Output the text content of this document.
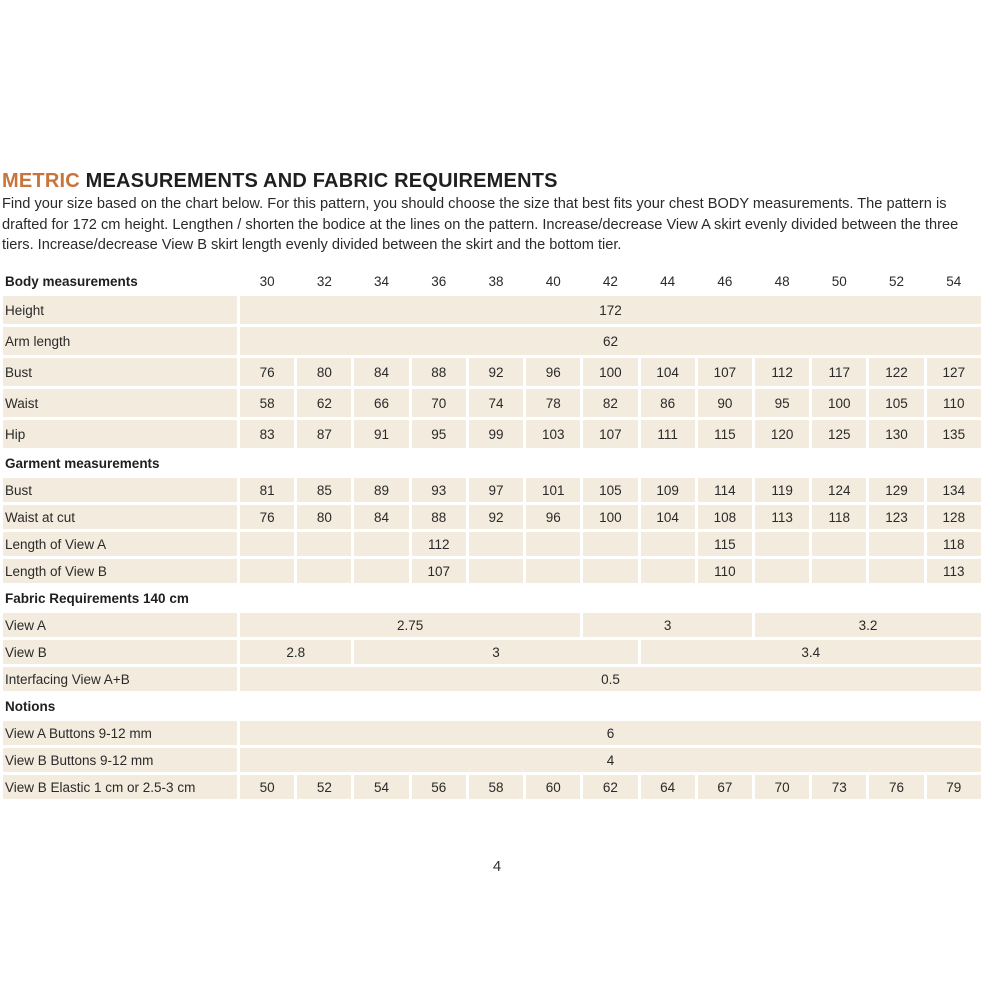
METRIC MEASUREMENTS AND FABRIC REQUIREMENTS

Find your size based on the chart below. For this pattern, you should choose the size that best fits your chest BODY measurements. The pattern is drafted for 172 cm height. Lengthen / shorten the bodice at the lines on the pattern. Increase/decrease View A skirt evenly divided between the three tiers. Increase/decrease View B skirt length evenly divided between the skirt and the bottom tier.

Body measurements	30	32	34	36	38	40	42	44	46	48	50	52	54
Height	172												
Arm length	62												
Bust	76	80	84	88	92	96	100	104	107	112	117	122	127
Waist	58	62	66	70	74	78	82	86	90	95	100	105	110
Hip	83	87	91	95	99	103	107	111	115	120	125	130	135
Garment measurements													
Bust	81	85	89	93	97	101	105	109	114	119	124	129	134
Waist at cut	76	80	84	88	92	96	100	104	108	113	118	123	128
Length of View A				112					115				118
Length of View B				107					110				113
Fabric Requirements 140 cm													
View A	2.75						3			3.2			
View B	2.8		3					3.4					
Interfacing View A+B	0.5												
Notions													
View A Buttons 9-12 mm	6												
View B Buttons 9-12 mm	4												
View B Elastic 1 cm or 2.5-3 cm	50	52	54	56	58	60	62	64	67	70	73	76	79
4
